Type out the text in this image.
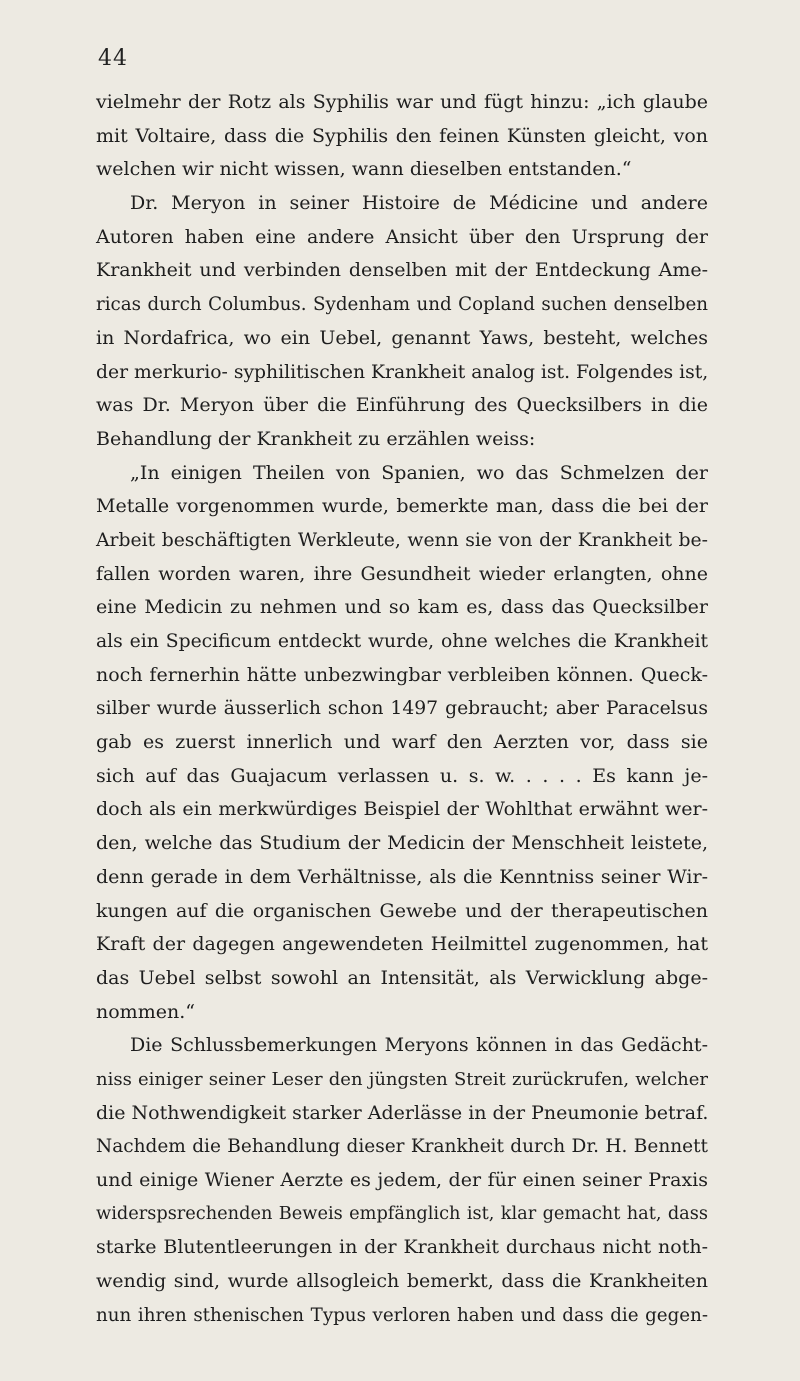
44
vielmehr der Rotz als Syphilis war und fügt hinzu: „ich glaube
mit Voltaire, dass die Syphilis den feinen Künsten gleicht, von
welchen wir nicht wissen, wann dieselben entstanden.“
Dr. Meryon in seiner Histoire de Médicine und andere
Autoren haben eine andere Ansicht über den Ursprung der
Krankheit und verbinden denselben mit der Entdeckung Ame-
ricas durch Columbus. Sydenham und Copland suchen denselben
in Nordafrica, wo ein Uebel, genannt Yaws, besteht, welches
der merkurio- syphilitischen Krankheit analog ist. Folgendes ist,
was Dr. Meryon über die Einführung des Quecksilbers in die
Behandlung der Krankheit zu erzählen weiss:
„In einigen Theilen von Spanien, wo das Schmelzen der
Metalle vorgenommen wurde, bemerkte man, dass die bei der
Arbeit beschäftigten Werkleute, wenn sie von der Krankheit be-
fallen worden waren, ihre Gesundheit wieder erlangten, ohne
eine Medicin zu nehmen und so kam es, dass das Quecksilber
als ein Specificum entdeckt wurde, ohne welches die Krankheit
noch fernerhin hätte unbezwingbar verbleiben können. Queck-
silber wurde äusserlich schon 1497 gebraucht; aber Paracelsus
gab es zuerst innerlich und warf den Aerzten vor, dass sie
sich auf das Guajacum verlassen u. s. w. . . . . Es kann je-
doch als ein merkwürdiges Beispiel der Wohlthat erwähnt wer-
den, welche das Studium der Medicin der Menschheit leistete,
denn gerade in dem Verhältnisse, als die Kenntniss seiner Wir-
kungen auf die organischen Gewebe und der therapeutischen
Kraft der dagegen angewendeten Heilmittel zugenommen, hat
das Uebel selbst sowohl an Intensität, als Verwicklung abge-
nommen.“
Die Schlussbemerkungen Meryons können in das Gedächt-
niss einiger seiner Leser den jüngsten Streit zurückrufen, welcher
die Nothwendigkeit starker Aderlässe in der Pneumonie betraf.
Nachdem die Behandlung dieser Krankheit durch Dr. H. Bennett
und einige Wiener Aerzte es jedem, der für einen seiner Praxis
widerspsrechenden Beweis empfänglich ist, klar gemacht hat, dass
starke Blutentleerungen in der Krankheit durchaus nicht noth-
wendig sind, wurde allsogleich bemerkt, dass die Krankheiten
nun ihren sthenischen Typus verloren haben und dass die gegen-
